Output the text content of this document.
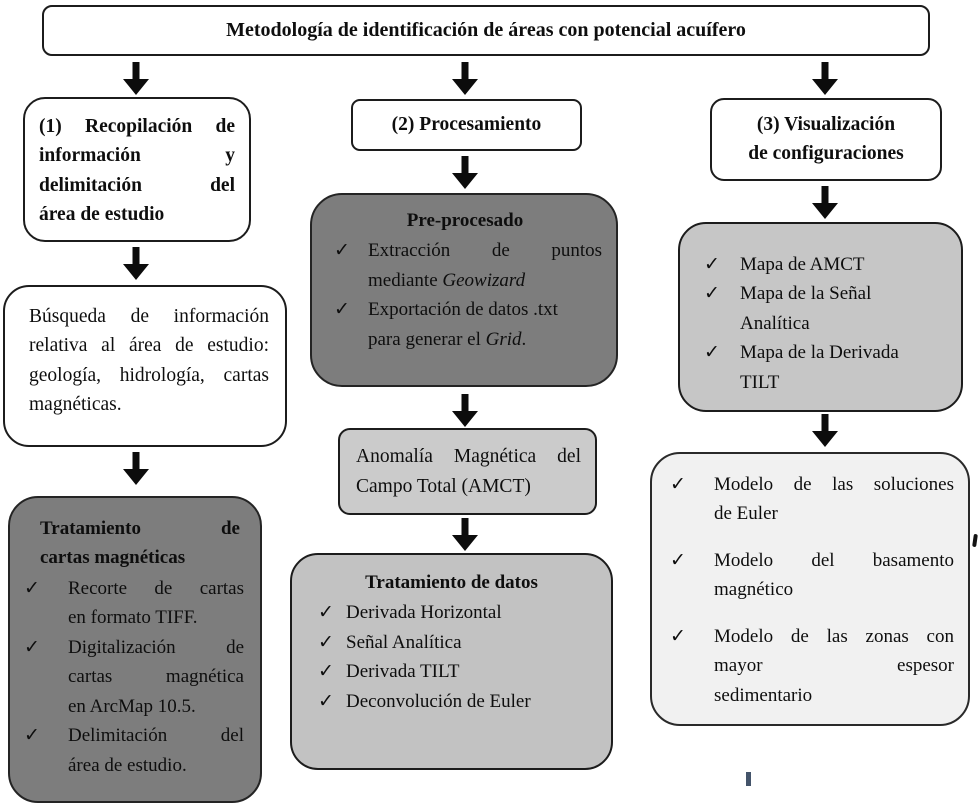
Metodología de identificación de áreas con potencial acuífero
(1) Recopilación de
información y
delimitación del
área de estudio
Búsqueda de información
relativa al área de estudio:
geología, hidrología, cartas
magnéticas.
Tratamiento de
cartas magnéticas
✓	Recorte de cartas
en formato TIFF.
✓	Digitalización de
cartas magnética
en ArcMap 10.5.
✓	Delimitación del
área de estudio.
(2) Procesamiento
Pre-procesado
✓ Extracción de puntos
mediante Geowizard
✓ Exportación de datos .txt
para generar el Grid.
Anomalía Magnética del
Campo Total (AMCT)
Tratamiento de datos
✓ Derivada Horizontal
✓ Señal Analítica
✓ Derivada TILT
✓ Deconvolución de Euler
(3) Visualización
de configuraciones
✓	Mapa de AMCT
✓	Mapa de la Señal
Analítica
✓	Mapa de la Derivada
TILT
✓	Modelo de las soluciones
de Euler
✓	Modelo del basamento
magnético
✓	Modelo de las zonas con
mayor espesor
sedimentario
